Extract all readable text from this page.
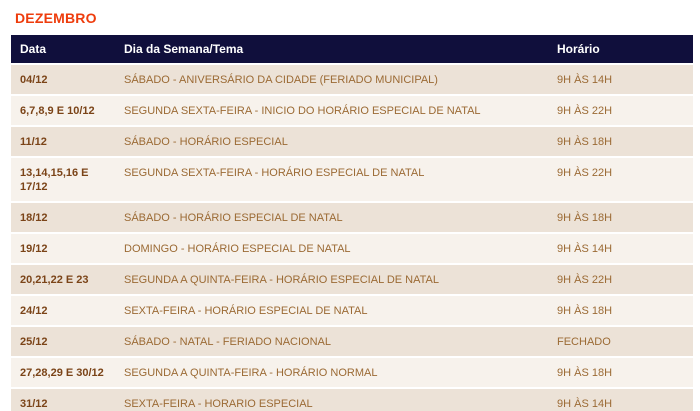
DEZEMBRO
Data	Dia da Semana/Tema	Horário
04/12	SÁBADO - ANIVERSÁRIO DA CIDADE (FERIADO MUNICIPAL)	9H ÀS 14H
6,7,8,9 E 10/12	SEGUNDA SEXTA-FEIRA - INICIO DO HORÁRIO ESPECIAL DE NATAL	9H ÀS 22H
11/12	SÁBADO - HORÁRIO ESPECIAL	9H ÀS 18H
13,14,15,16 E 17/12	SEGUNDA SEXTA-FEIRA - HORÁRIO ESPECIAL DE NATAL	9H ÀS 22H
18/12	SÁBADO - HORÁRIO ESPECIAL DE NATAL	9H ÀS 18H
19/12	DOMINGO - HORÁRIO ESPECIAL DE NATAL	9H ÀS 14H
20,21,22 E 23	SEGUNDA A QUINTA-FEIRA - HORÁRIO ESPECIAL DE NATAL	9H ÀS 22H
24/12	SEXTA-FEIRA - HORÁRIO ESPECIAL DE NATAL	9H ÀS 18H
25/12	SÁBADO - NATAL - FERIADO NACIONAL	FECHADO
27,28,29 E 30/12	SEGUNDA A QUINTA-FEIRA - HORÁRIO NORMAL	9H ÀS 18H
31/12	SEXTA-FEIRA - HORARIO ESPECIAL	9H ÀS 14H
